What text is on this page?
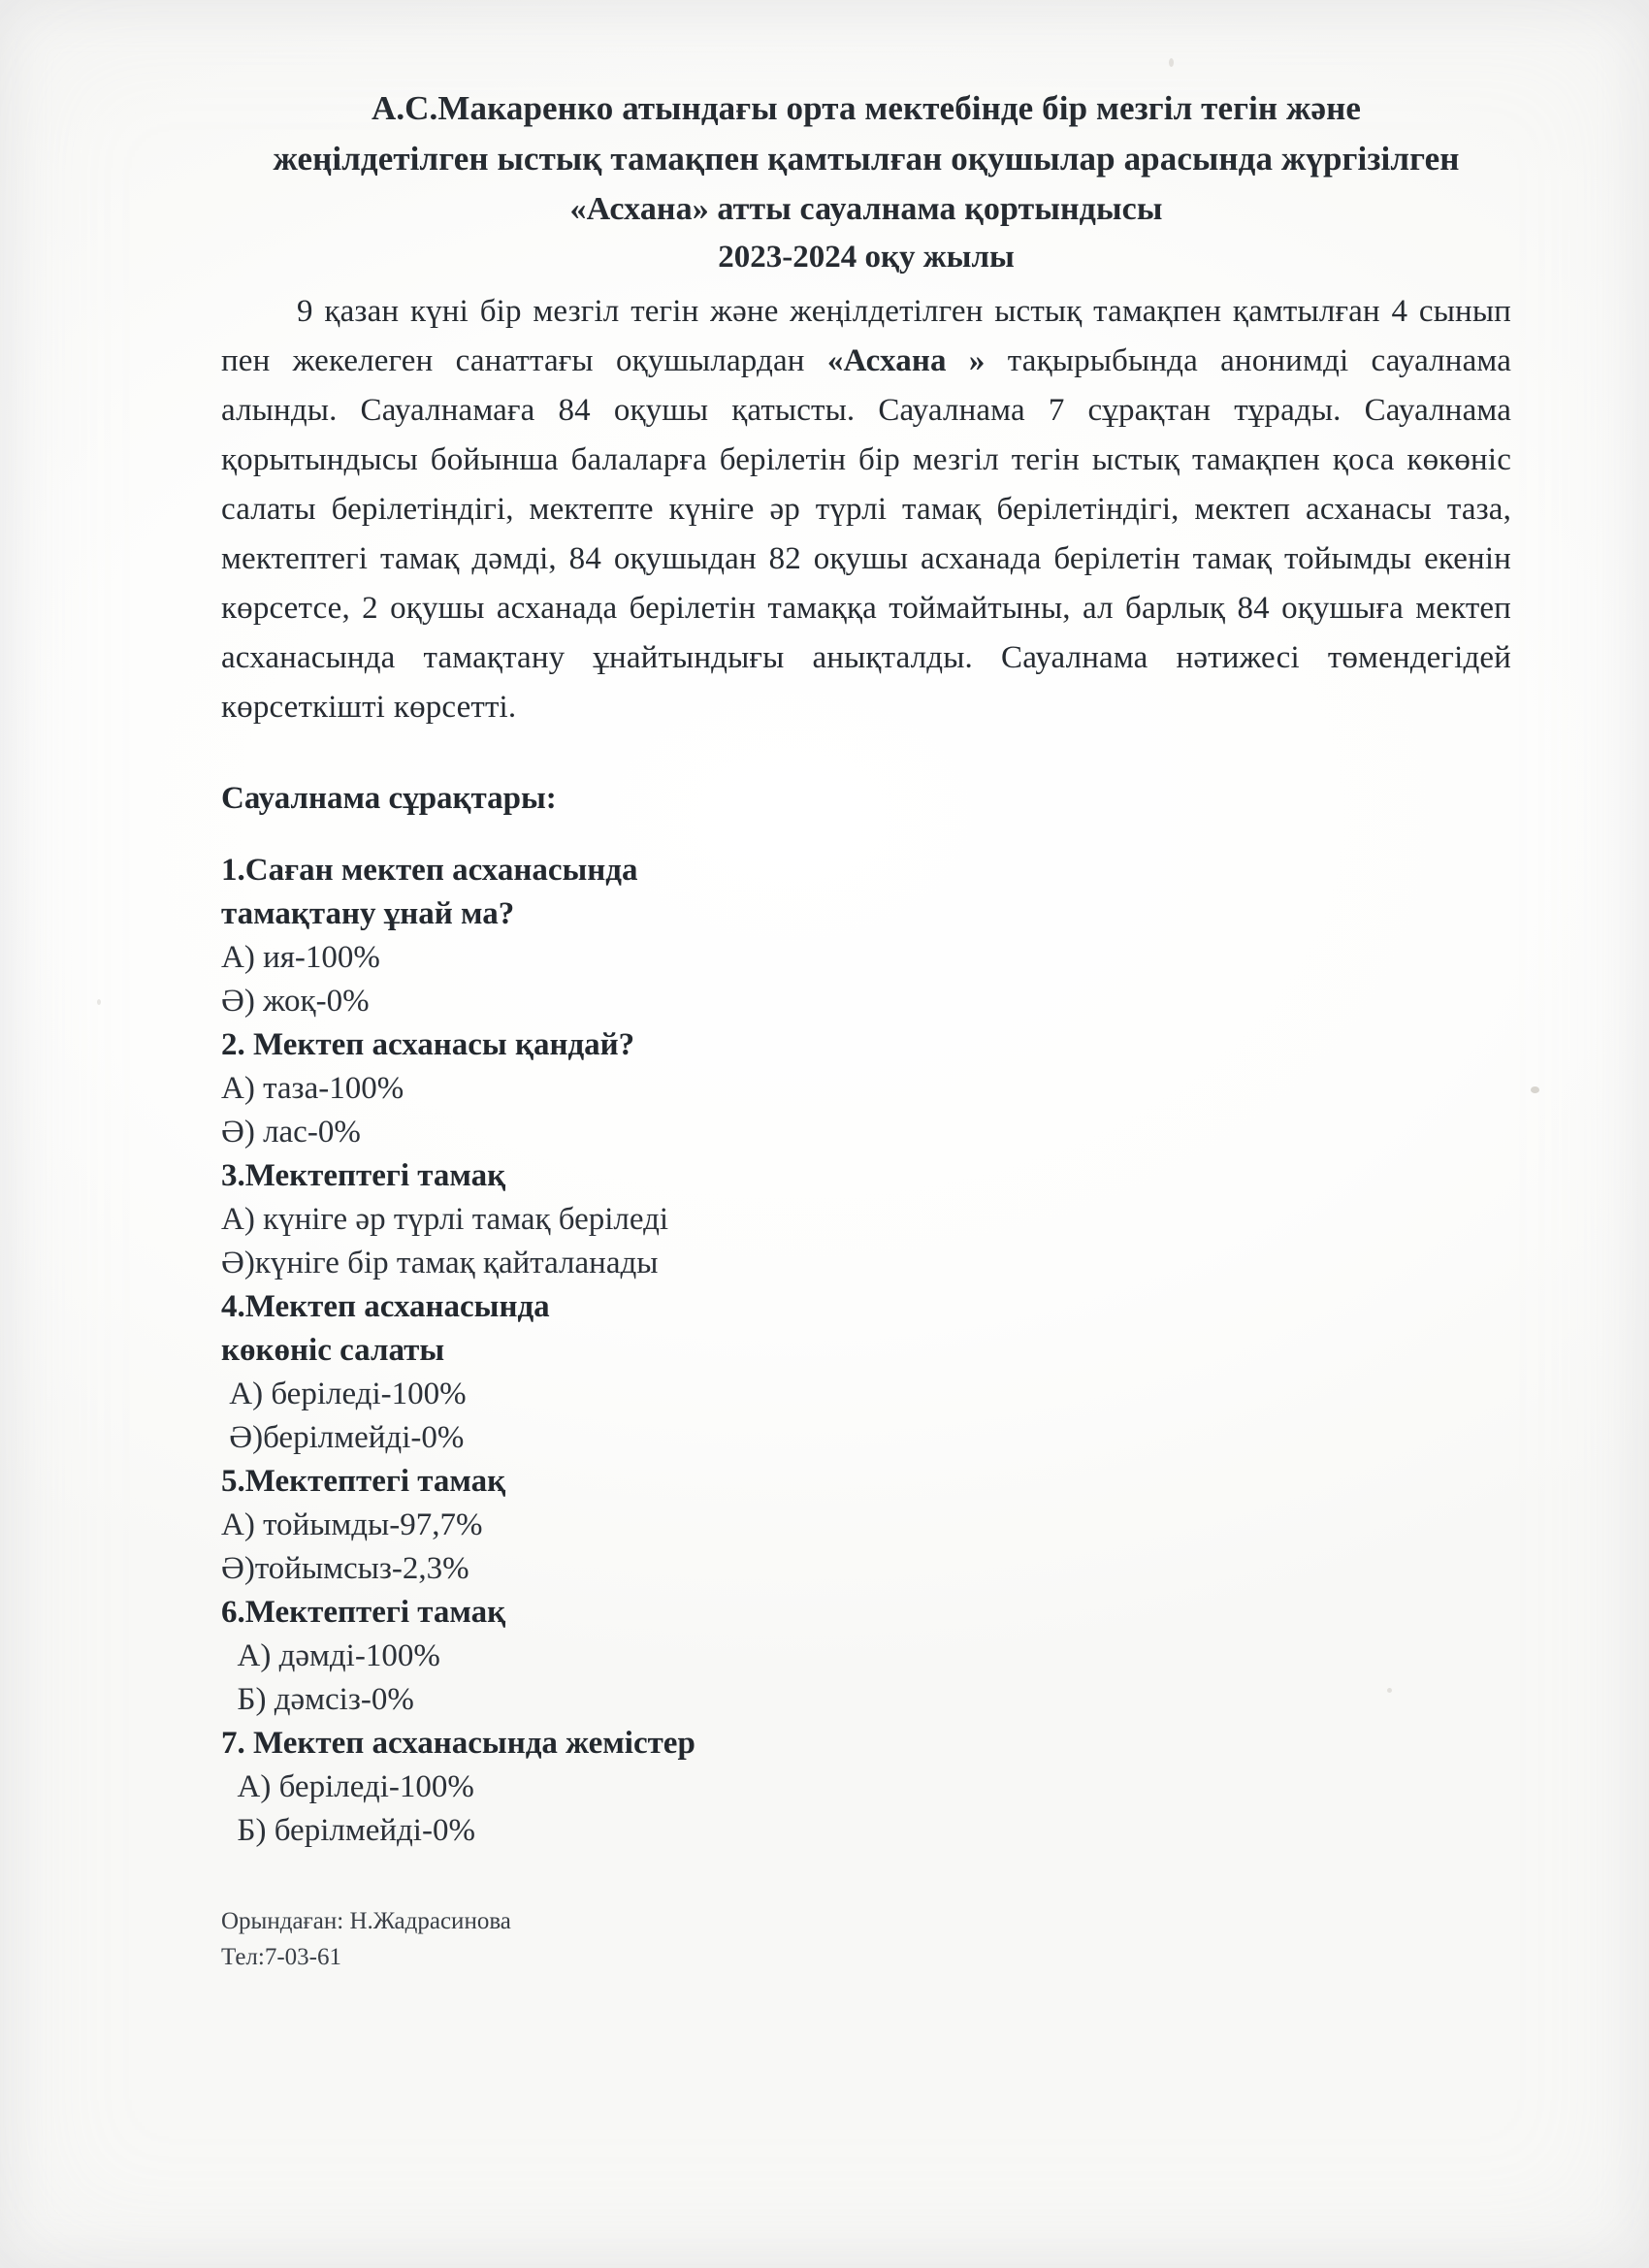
А.С.Макаренко атындағы орта мектебінде бір мезгіл тегін және
жеңілдетілген ыстық тамақпен қамтылған оқушылар арасында жүргізілген
«Асхана» атты сауалнама қортындысы
2023-2024 оқу жылы

9 қазан күні бір мезгіл тегін және жеңілдетілген ыстық тамақпен қамтылған 4 сынып пен жекелеген санаттағы оқушылардан «Асхана » тақырыбында анонимді сауалнама алынды. Сауалнамаға 84 оқушы қатысты. Сауалнама 7 сұрақтан тұрады. Сауалнама қорытындысы бойынша балаларға берілетін бір мезгіл тегін ыстық тамақпен қоса көкөніс салаты берілетіндігі, мектепте күніге әр түрлі тамақ берілетіндігі, мектеп асханасы таза, мектептегі тамақ дәмді, 84 оқушыдан 82 оқушы асханада берілетін тамақ тойымды екенін көрсетсе, 2 оқушы асханада берілетін тамаққа тоймайтыны, ал барлық 84 оқушыға мектеп асханасында тамақтану ұнайтындығы анықталды. Сауалнама нәтижесі төмендегідей көрсеткішті көрсетті.

Сауалнама сұрақтары:

1.Саған мектеп асханасында
тамақтану ұнай ма?

А) ия-100%
Ә) жоқ-0%

2. Мектеп асханасы қандай?

А) таза-100%
Ә) лас-0%

3.Мектептегі тамақ

А) күніге әр түрлі тамақ беріледі
Ә)күніге бір тамақ қайталанады

4.Мектеп асханасында
көкөніс салаты

А) беріледі-100%
Ә)берілмейді-0%

5.Мектептегі тамақ

А) тойымды-97,7%
Ә)тойымсыз-2,3%

6.Мектептегі тамақ

А) дәмді-100%
Б) дәмсіз-0%

7. Мектеп асханасында жемістер

А) беріледі-100%
Б) берілмейді-0%
Орындаған: Н.Жадрасинова
Тел:7-03-61
